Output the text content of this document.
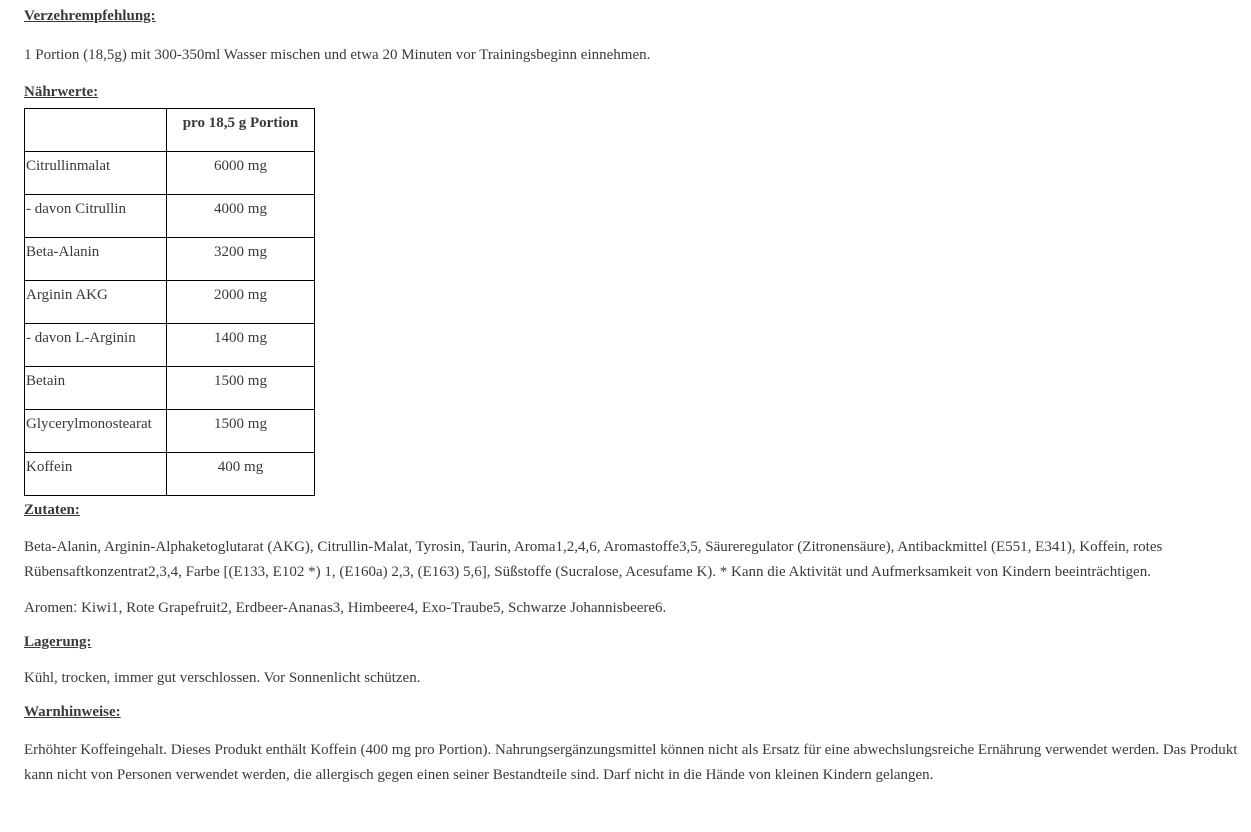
Verzehrempfehlung:

1 Portion (18,5g) mit 300-350ml Wasser mischen und etwa 20 Minuten vor Trainingsbeginn einnehmen.

Nährwerte:
	pro 18,5 g Portion
Citrullinmalat	6000 mg
- davon Citrullin	4000 mg
Beta-Alanin	3200 mg
Arginin AKG	2000 mg
- davon L-Arginin	1400 mg
Betain	1500 mg
Glycerylmonostearat	1500 mg
Koffein	400 mg
Zutaten:

Beta-Alanin, Arginin-Alphaketoglutarat (AKG), Citrullin-Malat, Tyrosin, Taurin, Aroma1,2,4,6, Aromastoffe3,5, Säureregulator (Zitronensäure), Antibackmittel (E551, E341), Koffein, rotes Rübensaftkonzentrat2,3,4, Farbe [(E133, E102 *) 1, (E160a) 2,3, (E163) 5,6], Süßstoffe (Sucralose, Acesufame K). * Kann die Aktivität und Aufmerksamkeit von Kindern beeinträchtigen.

Aromen: Kiwi1, Rote Grapefruit2, Erdbeer-Ananas3, Himbeere4, Exo-Traube5, Schwarze Johannisbeere6.

Lagerung:

Kühl, trocken, immer gut verschlossen. Vor Sonnenlicht schützen.

Warnhinweise:

Erhöhter Koffeingehalt. Dieses Produkt enthält Koffein (400 mg pro Portion). Nahrungsergänzungsmittel können nicht als Ersatz für eine abwechslungsreiche Ernährung verwendet werden. Das Produkt kann nicht von Personen verwendet werden, die allergisch gegen einen seiner Bestandteile sind. Darf nicht in die Hände von kleinen Kindern gelangen.
